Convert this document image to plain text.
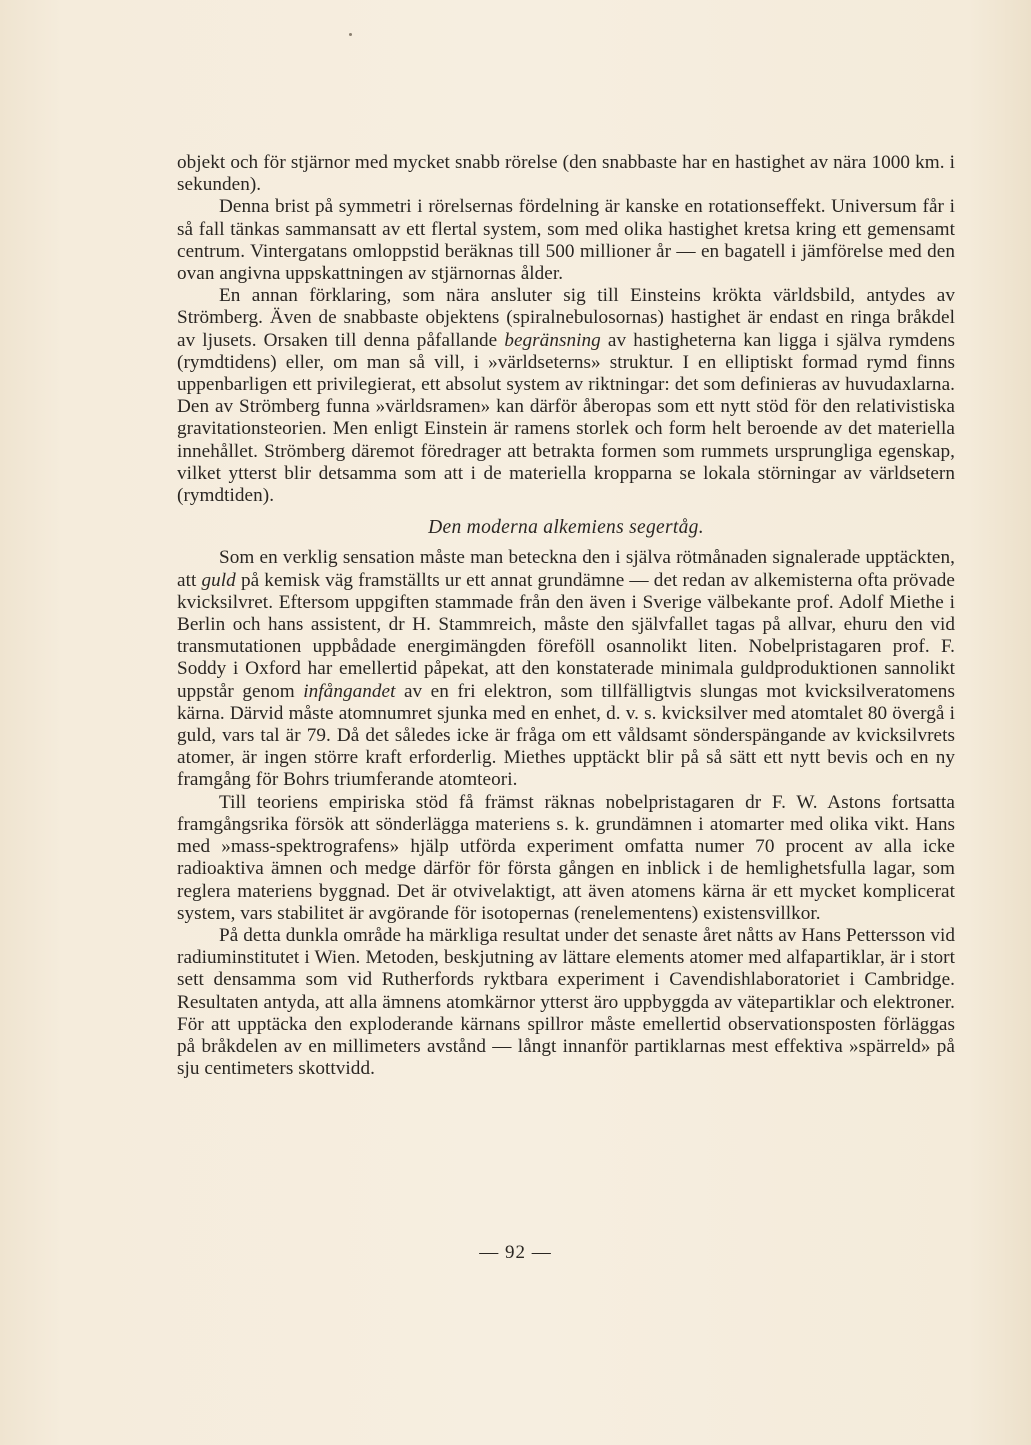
objekt och för stjärnor med mycket snabb rörelse (den snabbaste har en hastighet av nära 1000 km. i sekunden).

Denna brist på symmetri i rörelsernas fördelning är kanske en rotationseffekt. Universum får i så fall tänkas sammansatt av ett flertal system, som med olika hastighet kretsa kring ett gemensamt centrum. Vintergatans omloppstid beräknas till 500 millioner år — en bagatell i jämförelse med den ovan angivna uppskattningen av stjärnornas ålder.

En annan förklaring, som nära ansluter sig till Einsteins krökta världsbild, antydes av Strömberg. Även de snabbaste objektens (spiralnebulosornas) hastighet är endast en ringa bråkdel av ljusets. Orsaken till denna påfallande begränsning av hastigheterna kan ligga i själva rymdens (rymdtidens) eller, om man så vill, i »världseterns» struktur. I en elliptiskt formad rymd finns uppenbarligen ett privilegierat, ett absolut system av riktningar: det som definieras av huvudaxlarna. Den av Strömberg funna »världsramen» kan därför åberopas som ett nytt stöd för den relativistiska gravitationsteorien. Men enligt Einstein är ramens storlek och form helt beroende av det materiella innehållet. Strömberg däremot föredrager att betrakta formen som rummets ursprungliga egenskap, vilket ytterst blir detsamma som att i de materiella kropparna se lokala störningar av världsetern (rymdtiden).

Den moderna alkemiens segertåg.

Som en verklig sensation måste man beteckna den i själva rötmånaden signalerade upptäckten, att guld på kemisk väg framställts ur ett annat grundämne — det redan av alkemisterna ofta prövade kvicksilvret. Eftersom uppgiften stammade från den även i Sverige välbekante prof. Adolf Miethe i Berlin och hans assistent, dr H. Stammreich, måste den självfallet tagas på allvar, ehuru den vid transmutationen uppbådade energimängden föreföll osannolikt liten. Nobelpristagaren prof. F. Soddy i Oxford har emellertid påpekat, att den konstaterade minimala guldproduktionen sannolikt uppstår genom infångandet av en fri elektron, som tillfälligtvis slungas mot kvicksilveratomens kärna. Därvid måste atomnumret sjunka med en enhet, d. v. s. kvicksilver med atomtalet 80 övergå i guld, vars tal är 79. Då det således icke är fråga om ett våldsamt sönderspängande av kvicksilvrets atomer, är ingen större kraft erforderlig. Miethes upptäckt blir på så sätt ett nytt bevis och en ny framgång för Bohrs triumferande atomteori.

Till teoriens empiriska stöd få främst räknas nobelpristagaren dr F. W. Astons fortsatta framgångsrika försök att sönderlägga materiens s. k. grundämnen i atomarter med olika vikt. Hans med »mass-spektrografens» hjälp utförda experiment omfatta numer 70 procent av alla icke radioaktiva ämnen och medge därför för första gången en inblick i de hemlighetsfulla lagar, som reglera materiens byggnad. Det är otvivelaktigt, att även atomens kärna är ett mycket komplicerat system, vars stabilitet är avgörande för isotopernas (renelementens) existensvillkor.

På detta dunkla område ha märkliga resultat under det senaste året nåtts av Hans Pettersson vid radiuminstitutet i Wien. Metoden, beskjutning av lättare elements atomer med alfapartiklar, är i stort sett densamma som vid Rutherfords ryktbara experiment i Cavendishlaboratoriet i Cambridge. Resultaten antyda, att alla ämnens atomkärnor ytterst äro uppbyggda av vätepartiklar och elektroner. För att upptäcka den exploderande kärnans spillror måste emellertid observationsposten förläggas på bråkdelen av en millimeters avstånd — långt innanför partiklarnas mest effektiva »spärreld» på sju centimeters skottvidd.

— 92 —
